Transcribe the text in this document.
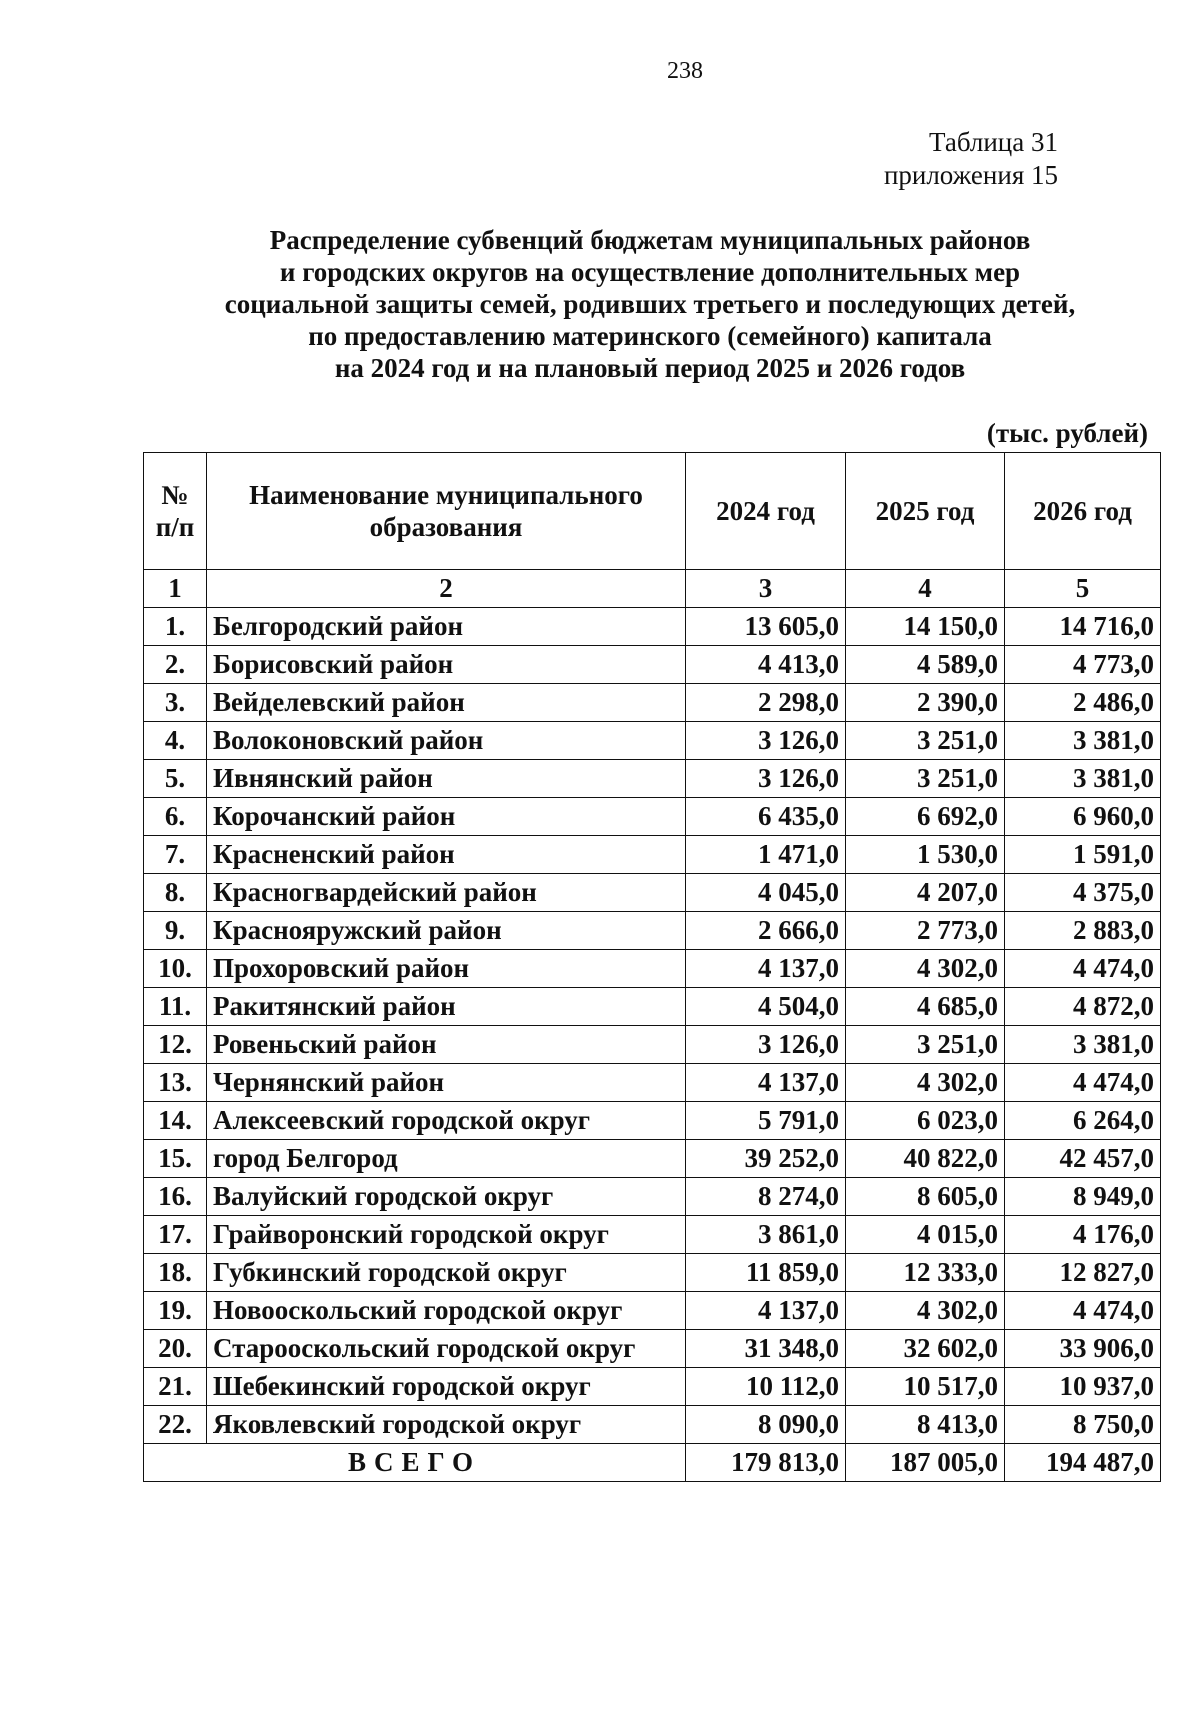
238
Таблица 31
приложения 15
Распределение субвенций бюджетам муниципальных районов
и городских округов на осуществление дополнительных мер
социальной защиты семей, родивших третьего и последующих детей,
по предоставлению материнского (семейного) капитала
на 2024 год и на плановый период 2025 и 2026 годов
(тыс. рублей)
№ п/п	Наименование муниципального образования	2024 год	2025 год	2026 год
1	2	3	4	5
1.	Белгородский район	13 605,0	14 150,0	14 716,0
2.	Борисовский район	4 413,0	4 589,0	4 773,0
3.	Вейделевский район	2 298,0	2 390,0	2 486,0
4.	Волоконовский район	3 126,0	3 251,0	3 381,0
5.	Ивнянский район	3 126,0	3 251,0	3 381,0
6.	Корочанский район	6 435,0	6 692,0	6 960,0
7.	Красненский район	1 471,0	1 530,0	1 591,0
8.	Красногвардейский район	4 045,0	4 207,0	4 375,0
9.	Краснояружский район	2 666,0	2 773,0	2 883,0
10.	Прохоровский район	4 137,0	4 302,0	4 474,0
11.	Ракитянский район	4 504,0	4 685,0	4 872,0
12.	Ровеньский район	3 126,0	3 251,0	3 381,0
13.	Чернянский район	4 137,0	4 302,0	4 474,0
14.	Алексеевский городской округ	5 791,0	6 023,0	6 264,0
15.	город Белгород	39 252,0	40 822,0	42 457,0
16.	Валуйский городской округ	8 274,0	8 605,0	8 949,0
17.	Грайворонский городской округ	3 861,0	4 015,0	4 176,0
18.	Губкинский городской округ	11 859,0	12 333,0	12 827,0
19.	Новооскольский городской округ	4 137,0	4 302,0	4 474,0
20.	Старооскольский городской округ	31 348,0	32 602,0	33 906,0
21.	Шебекинский городской округ	10 112,0	10 517,0	10 937,0
22.	Яковлевский городской округ	8 090,0	8 413,0	8 750,0
ВСЕГО		179 813,0	187 005,0	194 487,0
